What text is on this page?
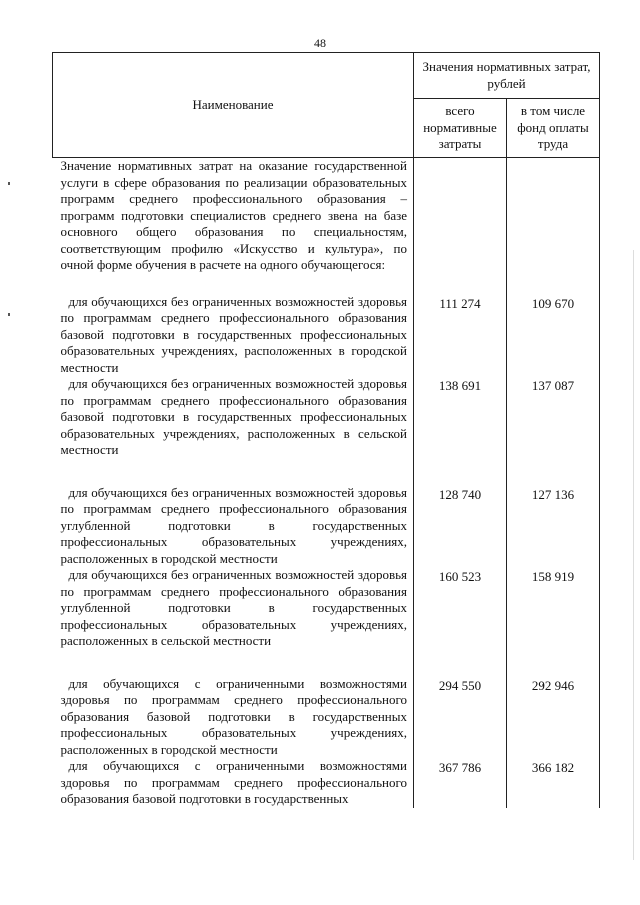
48
Наименование	Значения нормативных затрат, рублей	
	всего нормативные затраты	в том числе фонд оплаты труда
Значение нормативных затрат на оказание государственной услуги в сфере образования по реализации образовательных программ среднего профессионального образования – программ подготовки специалистов среднего звена на базе основного общего образования по специальностям, соответствующим профилю «Искусство и культура», по очной форме обучения в расчете на одного обучающегося:		
для обучающихся без ограниченных возможностей здоровья по программам среднего профессионального образования базовой подготовки в государственных профессиональных образовательных учреждениях, расположенных в городской местности	111 274	109 670
для обучающихся без ограниченных возможностей здоровья по программам среднего профессионального образования базовой подготовки в государственных профессиональных образовательных учреждениях, расположенных в сельской местности	138 691	137 087
для обучающихся без ограниченных возможностей здоровья по программам среднего профессионального образования углубленной подготовки в государственных профессиональных образовательных учреждениях, расположенных в городской местности	128 740	127 136
для обучающихся без ограниченных возможностей здоровья по программам среднего профессионального образования углубленной подготовки в государственных профессиональных образовательных учреждениях, расположенных в сельской местности	160 523	158 919
для обучающихся с ограниченными возможностями здоровья по программам среднего профессионального образования базовой подготовки в государственных профессиональных образовательных учреждениях, расположенных в городской местности	294 550	292 946
для обучающихся с ограниченными возможностями здоровья по программам среднего профессионального образования базовой подготовки в государственных	367 786	366 182
